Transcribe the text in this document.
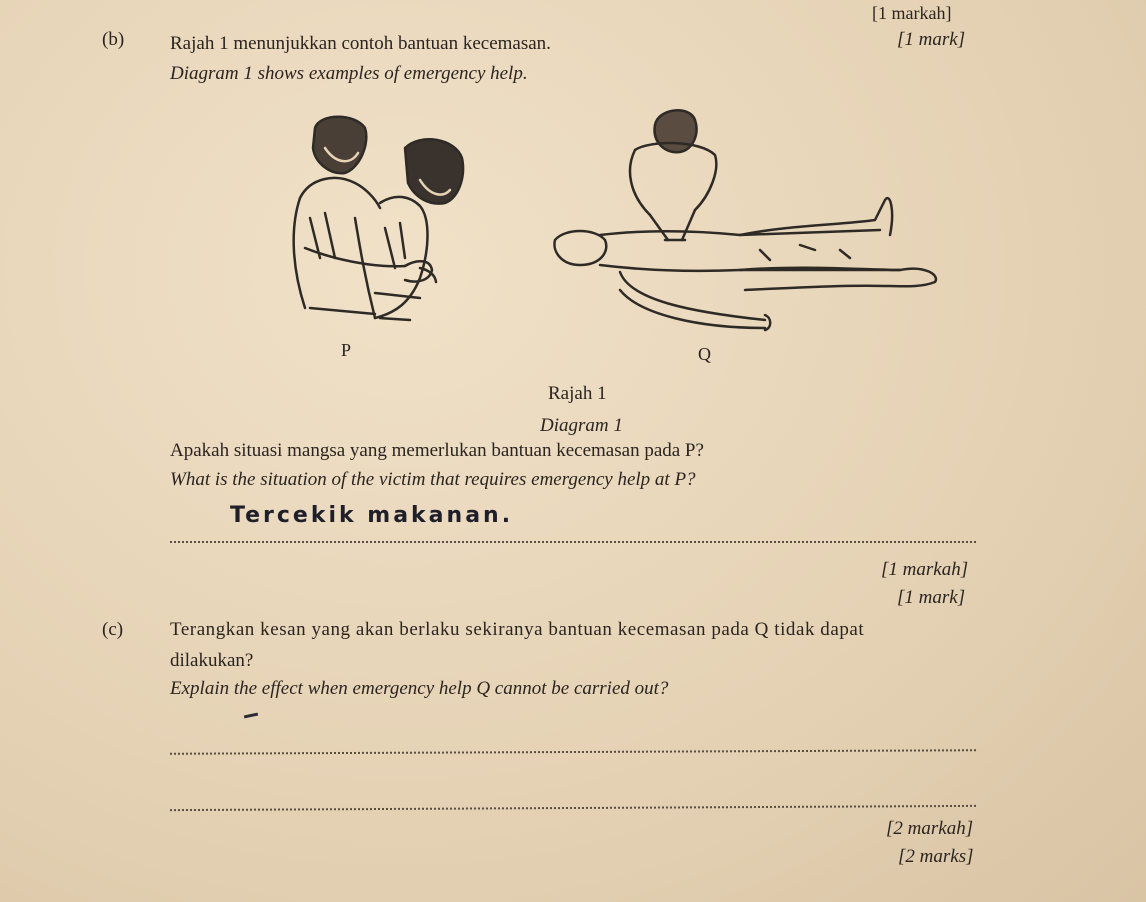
[1 markah]
(b) Rajah 1 menunjukkan contoh bantuan kecemasan.	[1 mark]
Diagram 1 shows examples of emergency help.
P	Q
Rajah 1
Diagram 1
Apakah situasi mangsa yang memerlukan bantuan kecemasan pada P?
What is the situation of the victim that requires emergency help at P?
Tercekik makanan.
[1 markah]
[1 mark]
(c) Terangkan kesan yang akan berlaku sekiranya bantuan kecemasan pada Q tidak dapat
dilakukan?
Explain the effect when emergency help Q cannot be carried out?
[2 markah]
[2 marks]
